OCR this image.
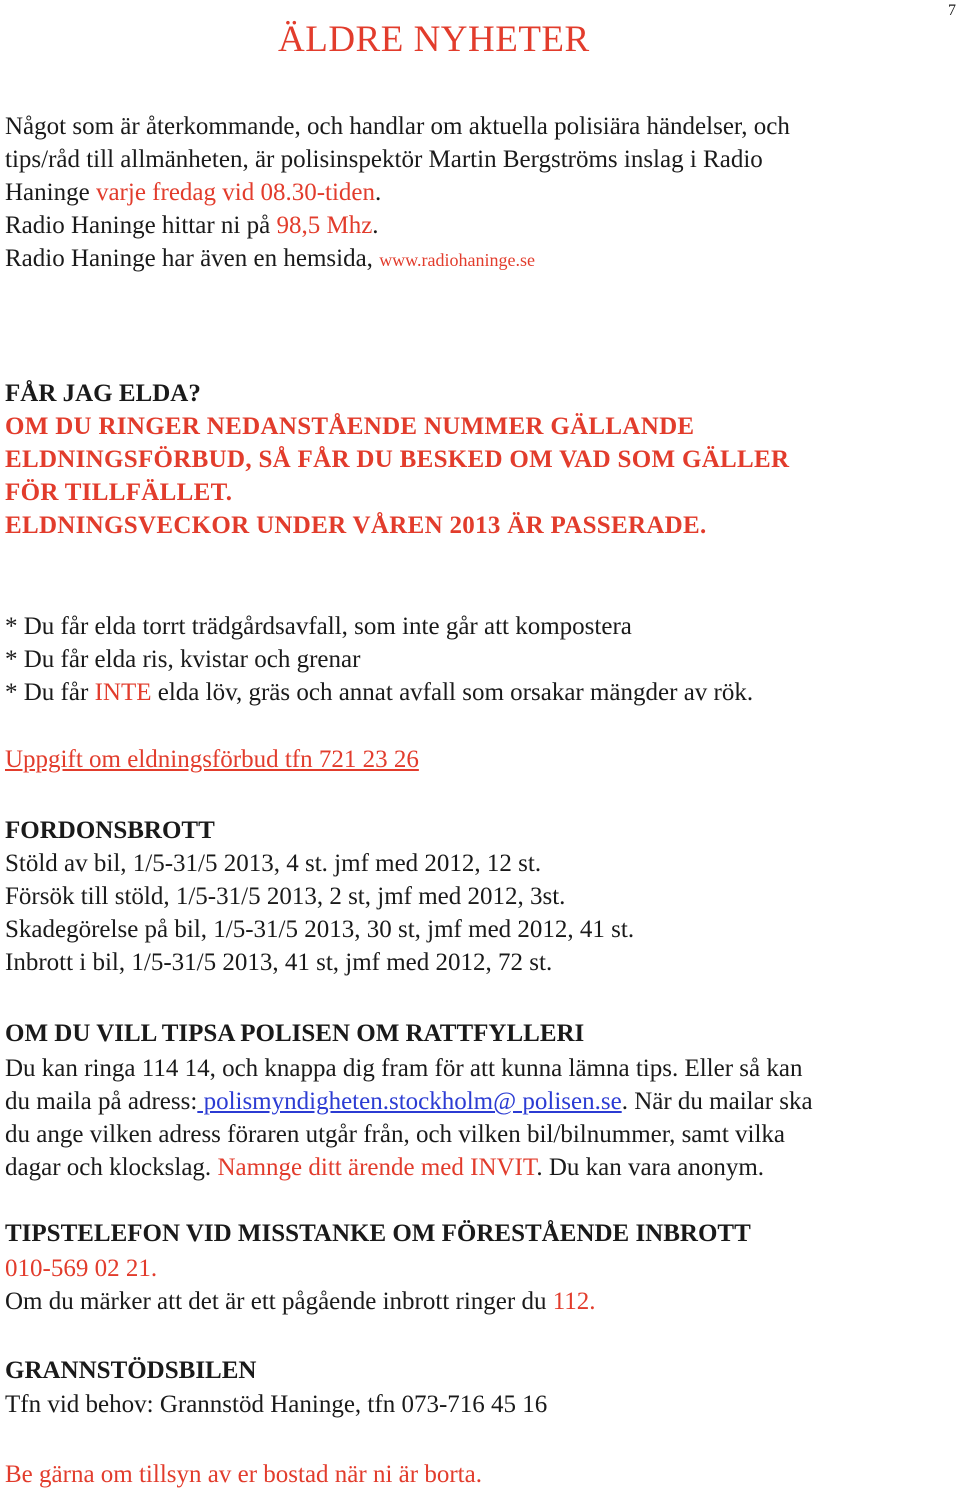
7
ÄLDRE NYHETER
Något som är återkommande, och handlar om aktuella polisiära händelser, och
tips/råd till allmänheten, är polisinspektör Martin Bergströms inslag i Radio
Haninge varje fredag vid 08.30-tiden.
Radio Haninge hittar ni på 98,5 Mhz.
Radio Haninge har även en hemsida, www.radiohaninge.se
FÅR JAG ELDA?
OM DU RINGER NEDANSTÅENDE NUMMER GÄLLANDE
ELDNINGSFÖRBUD, SÅ FÅR DU BESKED OM VAD SOM GÄLLER
FÖR TILLFÄLLET.
ELDNINGSVECKOR UNDER VÅREN 2013 ÄR PASSERADE.
* Du får elda torrt trädgårdsavfall, som inte går att kompostera
* Du får elda ris, kvistar och grenar
* Du får INTE elda löv, gräs och annat avfall som orsakar mängder av rök.
Uppgift om eldningsförbud tfn 721 23 26
FORDONSBROTT
Stöld av bil, 1/5-31/5 2013, 4 st. jmf med 2012, 12 st.
Försök till stöld, 1/5-31/5 2013, 2 st, jmf med 2012, 3st.
Skadegörelse på bil, 1/5-31/5 2013, 30 st, jmf med 2012, 41 st.
Inbrott i bil, 1/5-31/5 2013, 41 st, jmf med 2012, 72 st.
OM DU VILL TIPSA POLISEN OM RATTFYLLERI
Du kan ringa 114 14, och knappa dig fram för att kunna lämna tips. Eller så kan
du maila på adress: polismyndigheten.stockholm@ polisen.se. När du mailar ska
du ange vilken adress föraren utgår från, och vilken bil/bilnummer, samt vilka
dagar och klockslag. Namnge ditt ärende med INVIT. Du kan vara anonym.
TIPSTELEFON VID MISSTANKE OM FÖRESTÅENDE INBROTT
010-569 02 21.
Om du märker att det är ett pågående inbrott ringer du 112.
GRANNSTÖDSBILEN
Tfn vid behov: Grannstöd Haninge, tfn 073-716 45 16
Be gärna om tillsyn av er bostad när ni är borta.
